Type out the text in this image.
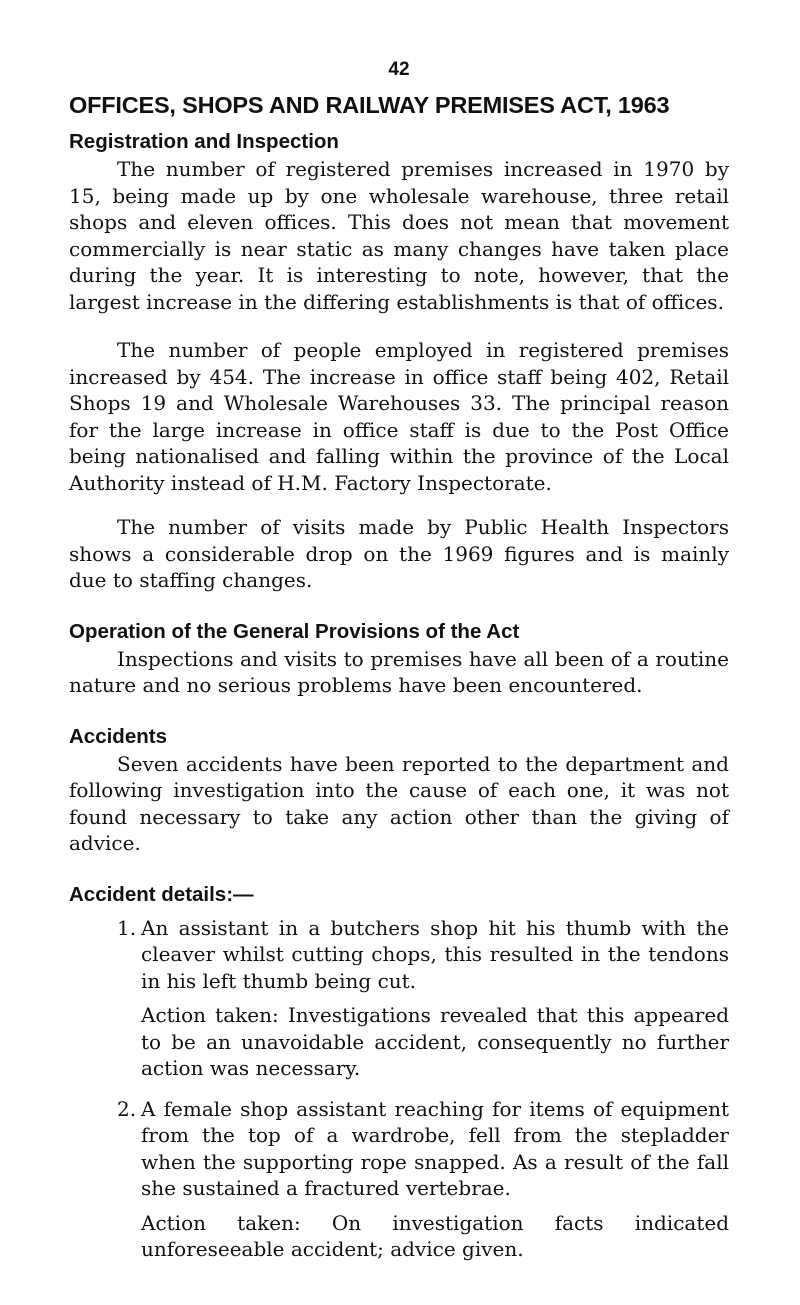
42
OFFICES, SHOPS AND RAILWAY PREMISES ACT, 1963
Registration and Inspection

The number of registered premises increased in 1970 by 15, being made up by one wholesale warehouse, three retail shops and eleven offices. This does not mean that movement commercially is near static as many changes have taken place during the year. It is interesting to note, however, that the largest increase in the differing establishments is that of offices.

The number of people employed in registered premises increased by 454. The increase in office staff being 402, Retail Shops 19 and Wholesale Warehouses 33. The principal reason for the large increase in office staff is due to the Post Office being nationalised and falling within the province of the Local Authority instead of H.M. Factory Inspectorate.

The number of visits made by Public Health Inspectors shows a considerable drop on the 1969 figures and is mainly due to staffing changes.

Operation of the General Provisions of the Act

Inspections and visits to premises have all been of a routine nature and no serious problems have been encountered.

Accidents

Seven accidents have been reported to the department and following investigation into the cause of each one, it was not found necessary to take any action other than the giving of advice.

Accident details:—
1. An assistant in a butchers shop hit his thumb with the cleaver whilst cutting chops, this resulted in the tendons in his left thumb being cut.

Action taken: Investigations revealed that this appeared to be an unavoidable accident, consequently no further action was necessary.

2. A female shop assistant reaching for items of equipment from the top of a wardrobe, fell from the stepladder when the supporting rope snapped. As a result of the fall she sustained a fractured vertebrae.

Action taken: On investigation facts indicated unforeseeable accident; advice given.
